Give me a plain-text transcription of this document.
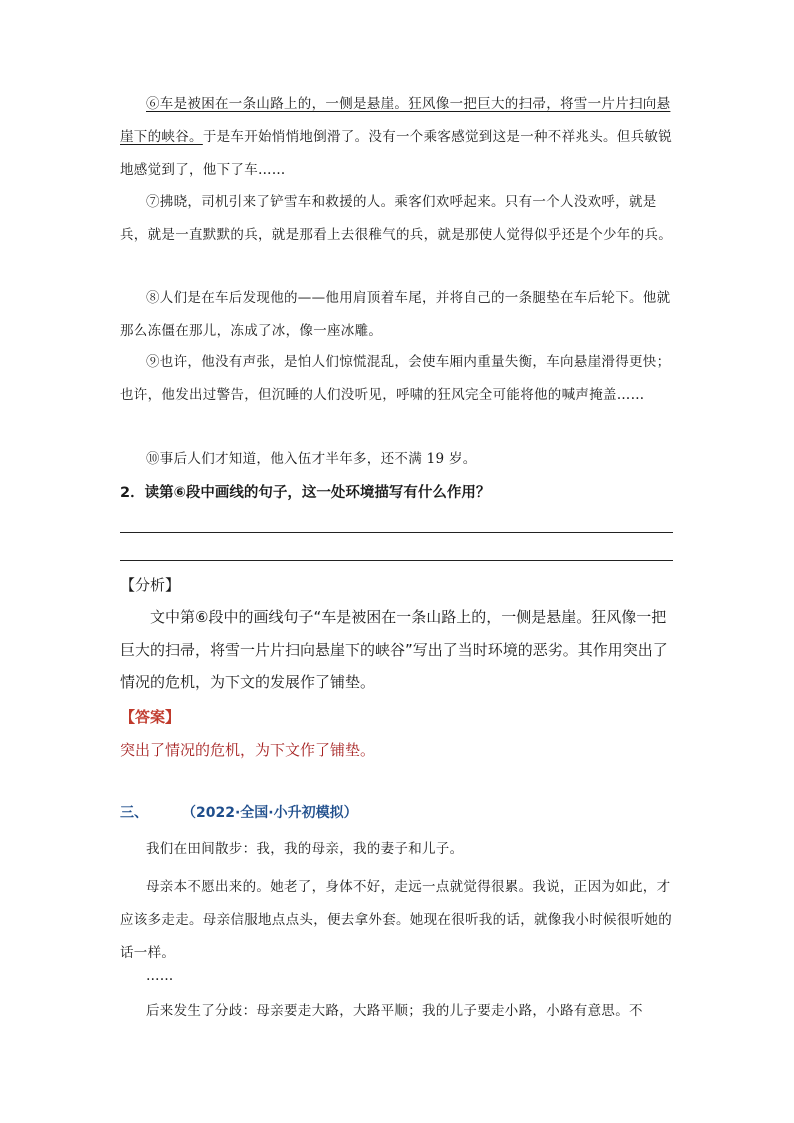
⑥车是被困在一条山路上的，一侧是悬崖。狂风像一把巨大的扫帚，将雪一片片扫向悬崖下的峡谷。于是车开始悄悄地倒滑了。没有一个乘客感觉到这是一种不祥兆头。但兵敏锐地感觉到了，他下了车……
⑦拂晓，司机引来了铲雪车和救援的人。乘客们欢呼起来。只有一个人没欢呼，就是兵，就是一直默默的兵，就是那看上去很稚气的兵，就是那使人觉得似乎还是个少年的兵。
⑧人们是在车后发现他的——他用肩顶着车尾，并将自己的一条腿垫在车后轮下。他就那么冻僵在那儿，冻成了冰，像一座冰雕。
⑨也许，他没有声张，是怕人们惊慌混乱，会使车厢内重量失衡，车向悬崖滑得更快；也许，他发出过警告，但沉睡的人们没听见，呼啸的狂风完全可能将他的喊声掩盖……
⑩事后人们才知道，他入伍才半年多，还不满 19 岁。
2．读第⑥段中画线的句子，这一处环境描写有什么作用？
【分析】
文中第⑥段中的画线句子“车是被困在一条山路上的，一侧是悬崖。狂风像一把巨大的扫帚，将雪一片片扫向悬崖下的峡谷”写出了当时环境的恶劣。其作用突出了情况的危机，为下文的发展作了铺垫。
【答案】
突出了情况的危机，为下文作了铺垫。
三、 （2022·全国·小升初模拟）
我们在田间散步：我，我的母亲，我的妻子和儿子。
母亲本不愿出来的。她老了，身体不好，走远一点就觉得很累。我说，正因为如此，才应该多走走。母亲信服地点点头，便去拿外套。她现在很听我的话，就像我小时候很听她的话一样。
……
后来发生了分歧：母亲要走大路，大路平顺；我的儿子要走小路，小路有意思。不
